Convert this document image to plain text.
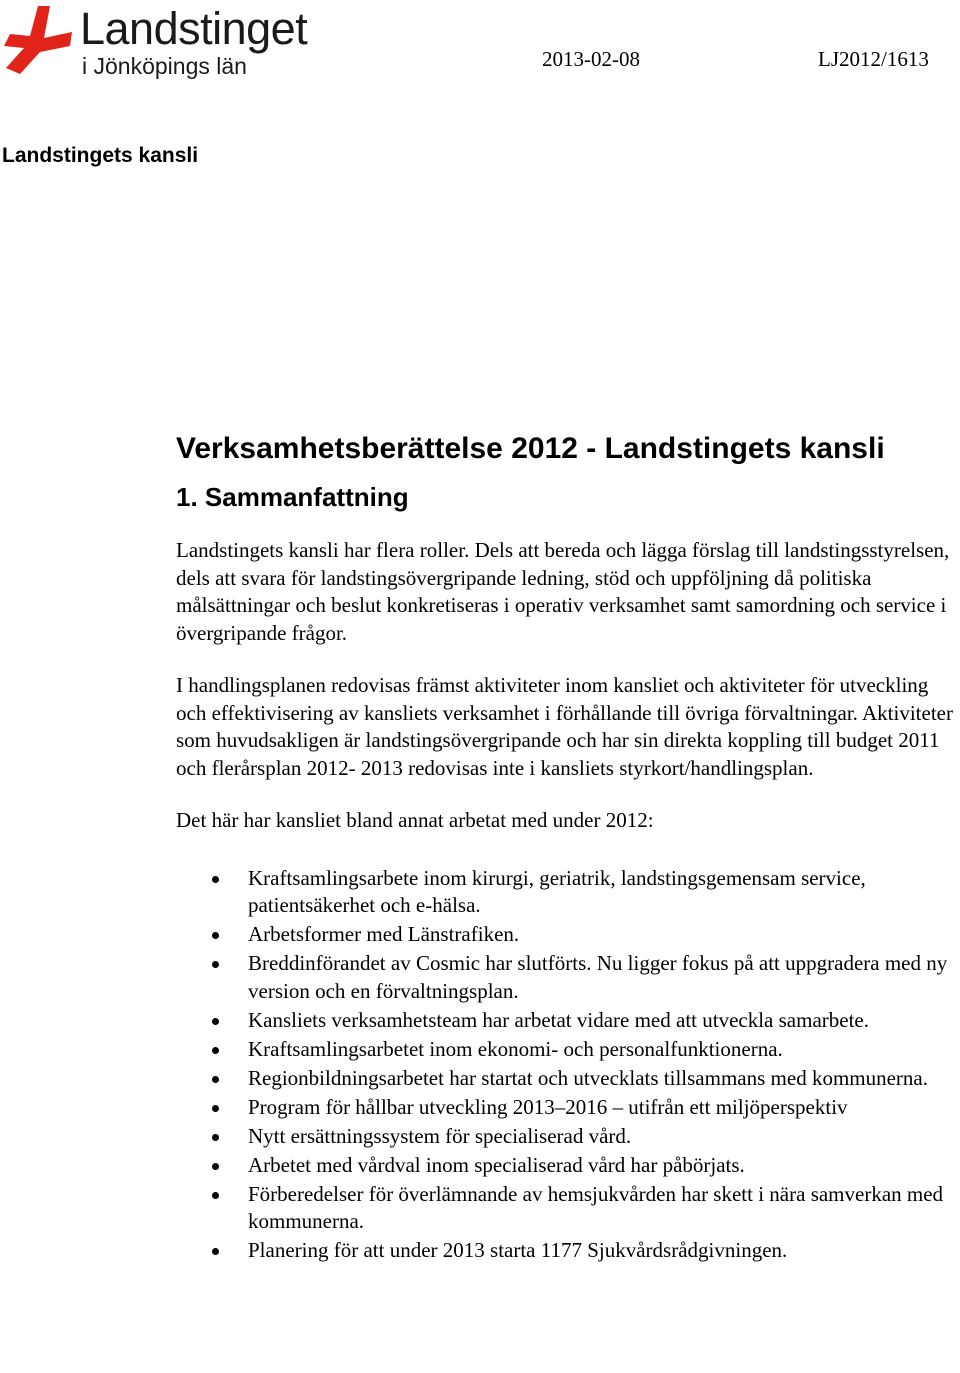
Landstinget
i Jönköpings län	2013-02-08	LJ2012/1613
Landstingets kansli
Verksamhetsberättelse 2012 - Landstingets kansli
1. Sammanfattning

Landstingets kansli har flera roller. Dels att bereda och lägga förslag till landstingsstyrelsen, dels att svara för landstingsövergripande ledning, stöd och uppföljning då politiska målsättningar och beslut konkretiseras i operativ verksamhet samt samordning och service i övergripande frågor.

I handlingsplanen redovisas främst aktiviteter inom kansliet och aktiviteter för utveckling och effektivisering av kansliets verksamhet i förhållande till övriga förvaltningar. Aktiviteter som huvudsakligen är landstingsövergripande och har sin direkta koppling till budget 2011 och flerårsplan 2012- 2013 redovisas inte i kansliets styrkort/handlingsplan.

Det här har kansliet bland annat arbetat med under 2012:

Kraftsamlingsarbete inom kirurgi, geriatrik, landstingsgemensam service, patientsäkerhet och e-hälsa.
Arbetsformer med Länstrafiken.
Breddinförandet av Cosmic har slutförts. Nu ligger fokus på att uppgradera med ny version och en förvaltningsplan.
Kansliets verksamhetsteam har arbetat vidare med att utveckla samarbete.
Kraftsamlingsarbetet inom ekonomi- och personalfunktionerna.
Regionbildningsarbetet har startat och utvecklats tillsammans med kommunerna.
Program för hållbar utveckling 2013–2016 – utifrån ett miljöperspektiv
Nytt ersättningssystem för specialiserad vård.
Arbetet med vårdval inom specialiserad vård har påbörjats.
Förberedelser för överlämnande av hemsjukvården har skett i nära samverkan med kommunerna.
Planering för att under 2013 starta 1177 Sjukvårdsrådgivningen.
